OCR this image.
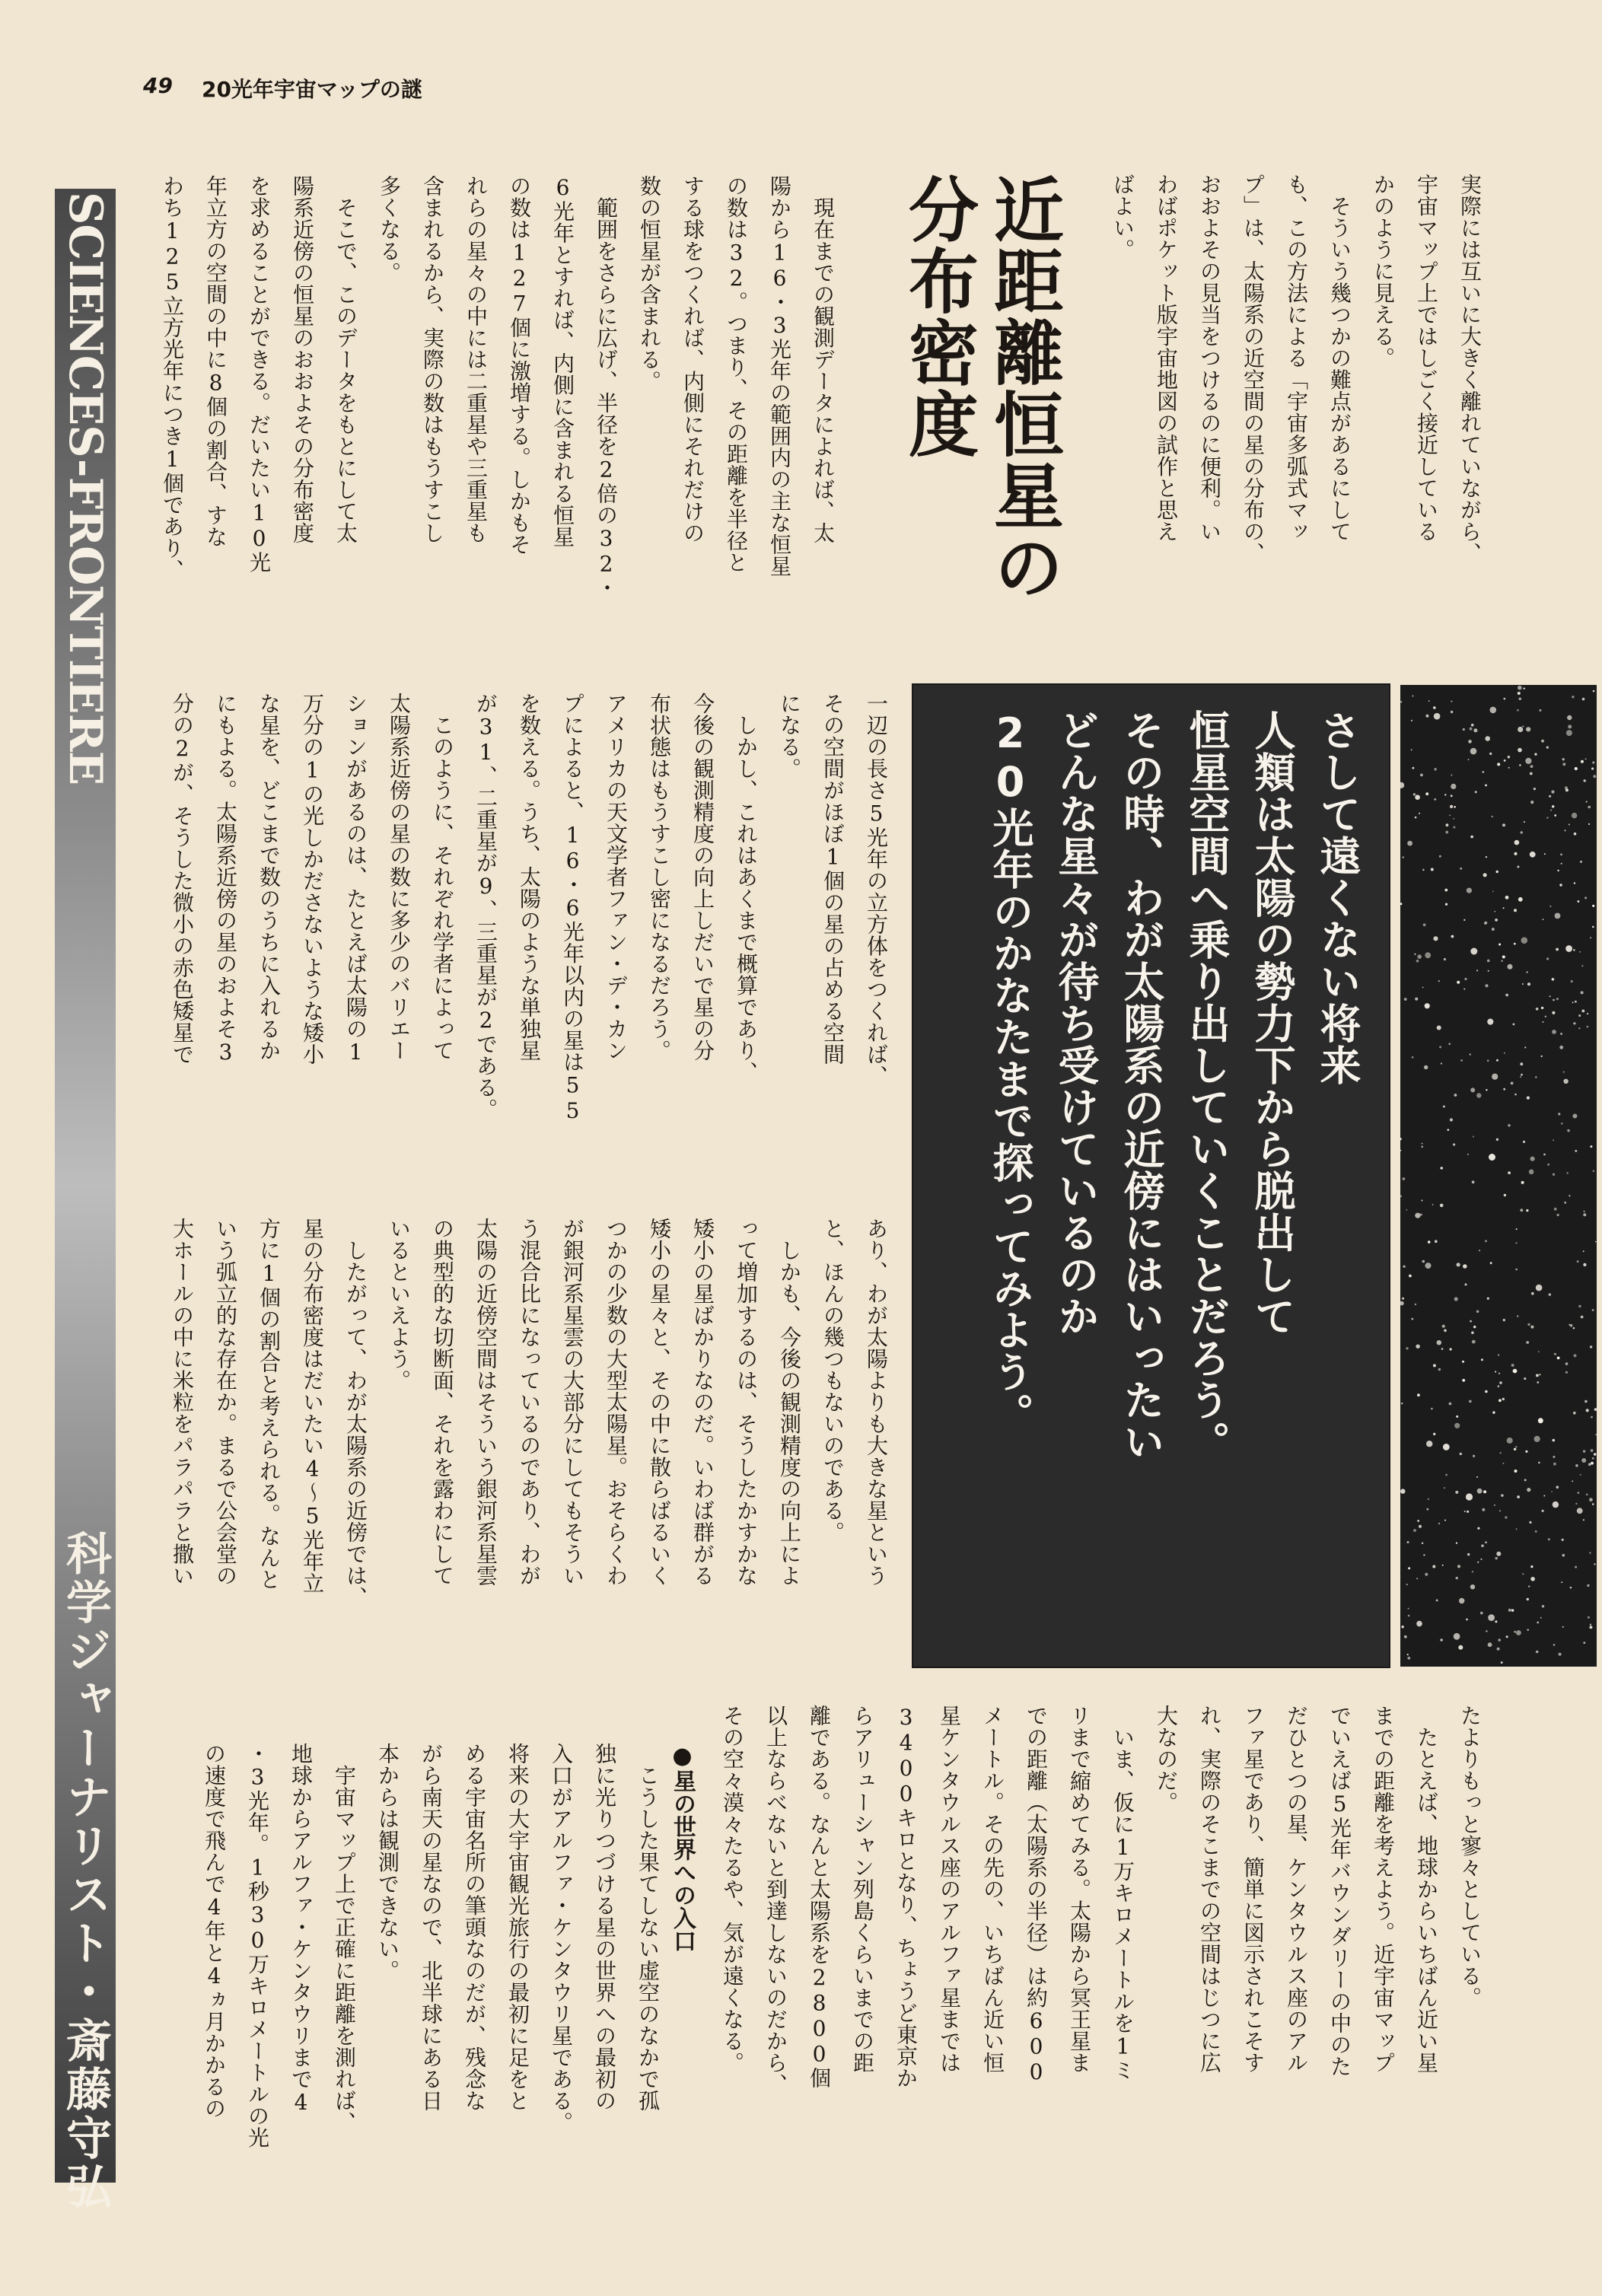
49 20光年宇宙マップの謎
SCIENCES-FRONTIERE

科学ジャーナリスト・斎藤守弘

実際には互いに大きく離れていながら、
宇宙マップ上ではしごく接近している
かのように見える。
　そういう幾つかの難点があるにして
も、この方法による「宇宙多弧式マッ
プ」は、太陽系の近空間の星の分布の、
おおよその見当をつけるのに便利。い
わばポケット版宇宙地図の試作と思え
ばよい。

近距離恒星の
分布密度

　現在までの観測データによれば、太
陽から16・3光年の範囲内の主な恒星
の数は32。つまり、その距離を半径と
する球をつくれば、内側にそれだけの
数の恒星が含まれる。
　範囲をさらに広げ、半径を2倍の32・
6光年とすれば、内側に含まれる恒星
の数は127個に激増する。しかもそ
れらの星々の中には二重星や三重星も
含まれるから、実際の数はもうすこし
多くなる。
　そこで、このデータをもとにして太
陽系近傍の恒星のおおよその分布密度
を求めることができる。だいたい10光
年立方の空間の中に8個の割合、すな
わち125立方光年につき1個であり、

一辺の長さ5光年の立方体をつくれば、
その空間がほぼ1個の星の占める空間
になる。
　しかし、これはあくまで概算であり、
今後の観測精度の向上しだいで星の分
布状態はもうすこし密になるだろう。
アメリカの天文学者ファン・デ・カン
プによると、16・6光年以内の星は55
を数える。うち、太陽のような単独星
が31、二重星が9、三重星が2である。
　このように、それぞれ学者によって
太陽系近傍の星の数に多少のバリエー
ションがあるのは、たとえば太陽の1
万分の1の光しかださないような矮小
な星を、どこまで数のうちに入れるか
にもよる。太陽系近傍の星のおよそ3
分の2が、そうした微小の赤色矮星で	さして遠くない将来
人類は太陽の勢力下から脱出して
恒星空間へ乗り出していくことだろう。
その時、わが太陽系の近傍にはいったい
どんな星々が待ち受けているのか
20光年のかなたまで探ってみよう。

あり、わが太陽よりも大きな星という
と、ほんの幾つもないのである。
　しかも、今後の観測精度の向上によ
って増加するのは、そうしたかすかな
矮小の星ばかりなのだ。いわば群がる
矮小の星々と、その中に散らばるいく
つかの少数の大型太陽星。おそらくわ
が銀河系星雲の大部分にしてもそうい
う混合比になっているのであり、わが
太陽の近傍空間はそういう銀河系星雲
の典型的な切断面、それを露わにして
いるといえよう。
　したがって、わが太陽系の近傍では、
星の分布密度はだいたい4〜5光年立
方に1個の割合と考えられる。なんと
いう弧立的な存在か。まるで公会堂の
大ホールの中に米粒をパラパラと撒い

たよりもっと寥々としている。
　たとえば、地球からいちばん近い星
までの距離を考えよう。近宇宙マップ
でいえば5光年バウンダリーの中のた
だひとつの星、ケンタウルス座のアル
ファ星であり、簡単に図示されこそす
れ、実際のそこまでの空間はじつに広
大なのだ。
　いま、仮に1万キロメートルを1ミ
リまで縮めてみる。太陽から冥王星ま
での距離（太陽系の半径）は約600
メートル。その先の、いちばん近い恒
星ケンタウルス座のアルファ星までは
3400キロとなり、ちょうど東京か
らアリューシャン列島くらいまでの距
離である。なんと太陽系を2800個
以上ならべないと到達しないのだから、
その空々漠々たるや、気が遠くなる。

●星の世界への入口

　こうした果てしない虚空のなかで孤
独に光りつづける星の世界への最初の
入口がアルファ・ケンタウリ星である。
将来の大宇宙観光旅行の最初に足をと
める宇宙名所の筆頭なのだが、残念な
がら南天の星なので、北半球にある日
本からは観測できない。
　宇宙マップ上で正確に距離を測れば、
地球からアルファ・ケンタウリまで4
・3光年。1秒30万キロメートルの光
の速度で飛んで4年と4ヵ月かかるの
